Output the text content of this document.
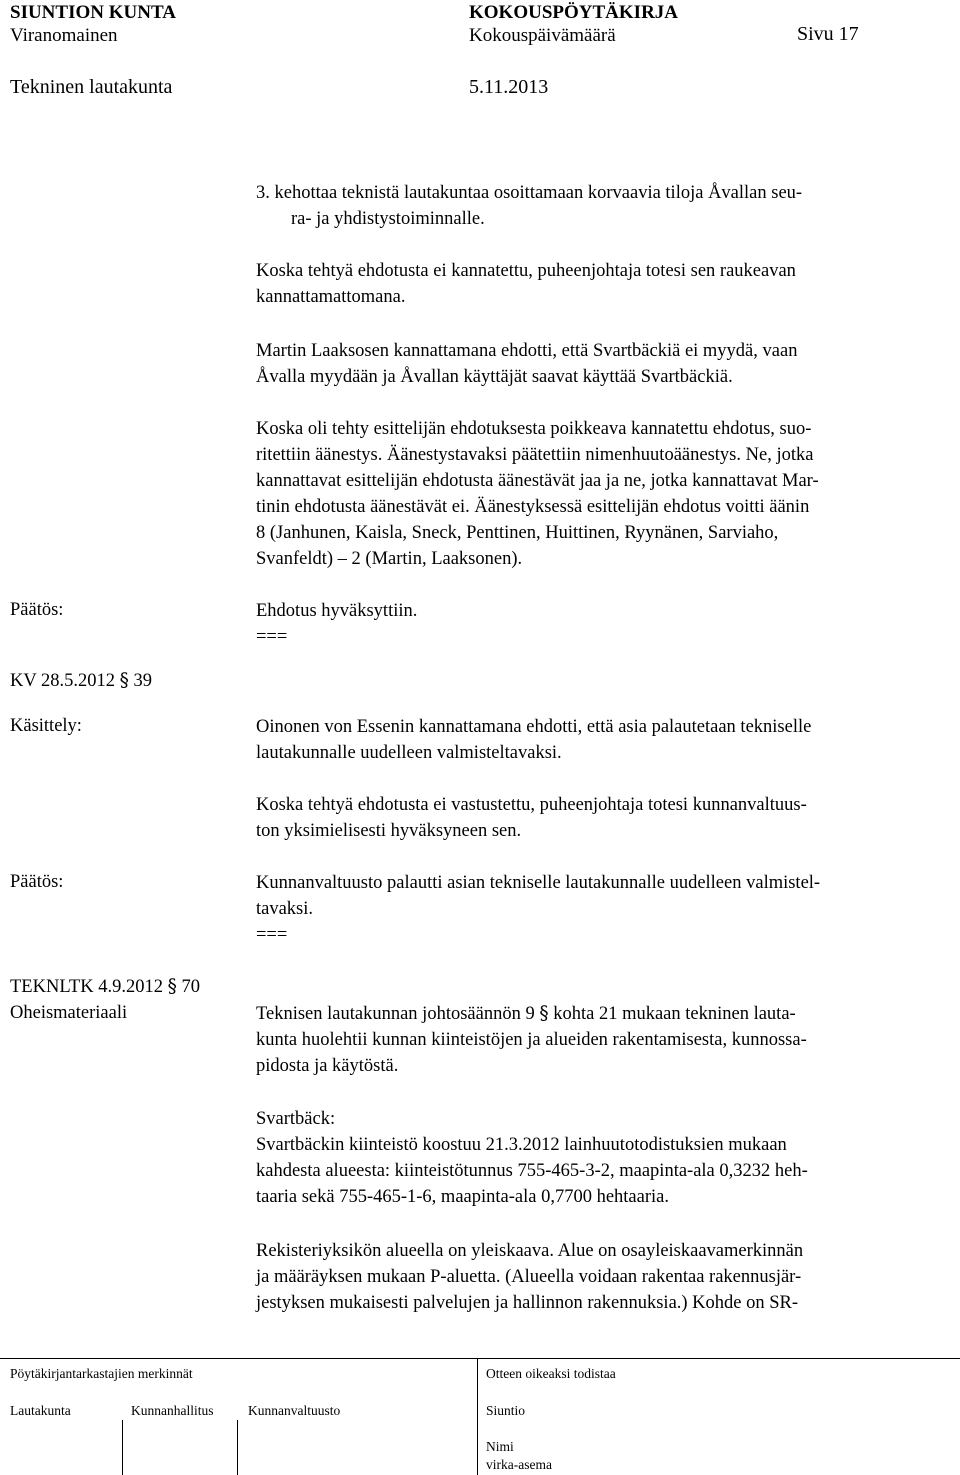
SIUNTION KUNTA	KOKOUSPÖYTÄKIRJA
Viranomainen	Kokouspäivämäärä	Sivu 17
Tekninen lautakunta	5.11.2013
3. kehottaa teknistä lautakuntaa osoittamaan korvaavia tiloja Åvallan seu-
ra- ja yhdistystoiminnalle.
Koska tehtyä ehdotusta ei kannatettu, puheenjohtaja totesi sen raukeavan
kannattamattomana.
Martin Laaksosen kannattamana ehdotti, että Svartbäckiä ei myydä, vaan
Åvalla myydään ja Åvallan käyttäjät saavat käyttää Svartbäckiä.
Koska oli tehty esittelijän ehdotuksesta poikkeava kannatettu ehdotus, suo-
ritettiin äänestys. Äänestystavaksi päätettiin nimenhuutoäänestys. Ne, jotka
kannattavat esittelijän ehdotusta äänestävät jaa ja ne, jotka kannattavat Mar-
tinin ehdotusta äänestävät ei. Äänestyksessä esittelijän ehdotus voitti äänin
8 (Janhunen, Kaisla, Sneck, Penttinen, Huittinen, Ryynänen, Sarviaho,
Svanfeldt) – 2 (Martin, Laaksonen).
Päätös:	Ehdotus hyväksyttiin.
===
KV 28.5.2012 § 39
Käsittely:	Oinonen von Essenin kannattamana ehdotti, että asia palautetaan tekniselle
lautakunnalle uudelleen valmisteltavaksi.
Koska tehtyä ehdotusta ei vastustettu, puheenjohtaja totesi kunnanvaltuus-
ton yksimielisesti hyväksyneen sen.
Päätös:	Kunnanvaltuusto palautti asian tekniselle lautakunnalle uudelleen valmistel-
tavaksi.
===
TEKNLTK 4.9.2012 § 70
Oheismateriaali	Teknisen lautakunnan johtosäännön 9 § kohta 21 mukaan tekninen lauta-
kunta huolehtii kunnan kiinteistöjen ja alueiden rakentamisesta, kunnossa-
pidosta ja käytöstä.
Svartbäck:
Svartbäckin kiinteistö koostuu 21.3.2012 lainhuutotodistuksien mukaan
kahdesta alueesta: kiinteistötunnus 755-465-3-2, maapinta-ala 0,3232 heh-
taaria sekä 755-465-1-6, maapinta-ala 0,7700 hehtaaria.
Rekisteriyksikön alueella on yleiskaava. Alue on osayleiskaavamerkinnän
ja määräyksen mukaan P-aluetta. (Alueella voidaan rakentaa rakennusjär-
jestyksen mukaisesti palvelujen ja hallinnon rakennuksia.) Kohde on SR-
Pöytäkirjantarkastajien merkinnät	Otteen oikeaksi todistaa
Lautakunta	Kunnanhallitus	Kunnanvaltuusto	Siuntio
Nimi
virka-asema
